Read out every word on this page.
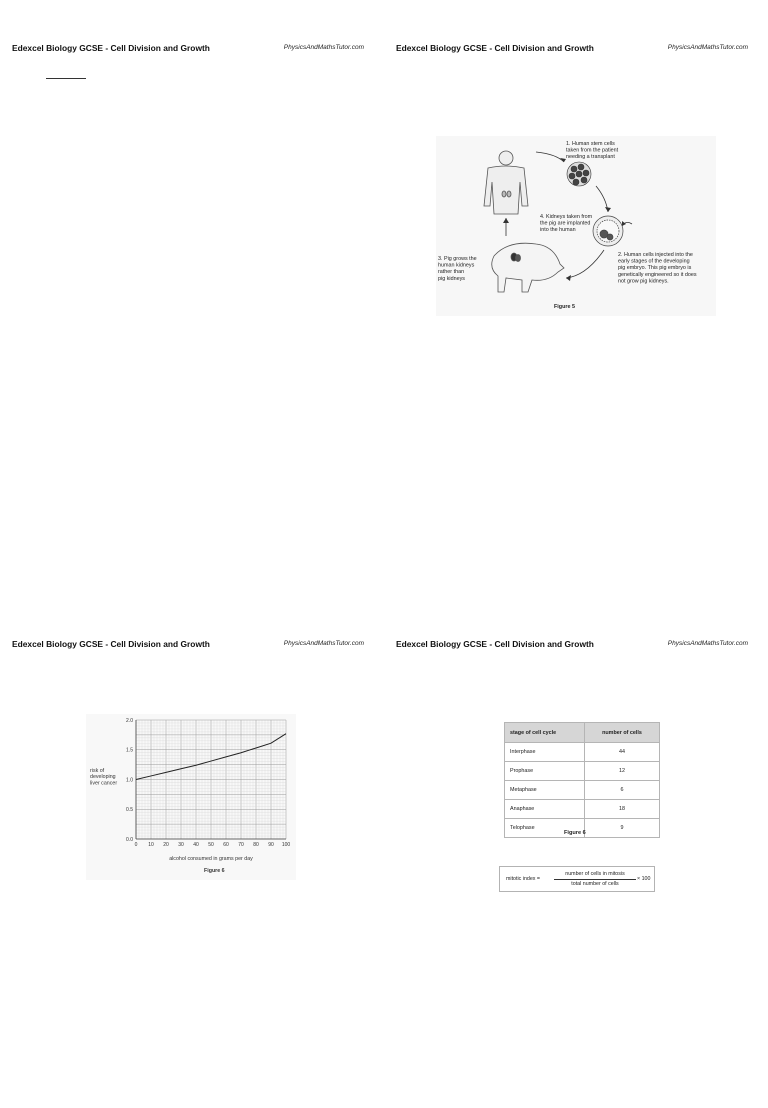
Edexcel Biology GCSE - Cell Division and Growth	PhysicsAndMathsTutor.com	Edexcel Biology GCSE - Cell Division and Growth	PhysicsAndMathsTutor.com
1. Human stem cells taken from the patient needing a transplant
2. Human cells injected into the early stages of the developing pig embryo. This pig embryo is genetically engineered so it does not grow pig kidneys.
3. Pig grows the human kidneys rather than pig kidneys
4. Kidneys taken from the pig are implanted into the human
Figure 5
Edexcel Biology GCSE - Cell Division and Growth	PhysicsAndMathsTutor.com
0.0
0.5
1.0
1.5
2.0
0 10 20 30 40 50 60 70 80 90 100
risk of developing liver cancer
alcohol consumed in grams per day
Figure 6
Edexcel Biology GCSE - Cell Division and Growth	PhysicsAndMathsTutor.com
stage of cell cycle	number of cells
Interphase	44
Prophase	12
Metaphase	6
Anaphase	18
Telophase	9
Figure 6
mitotic index =
number of cells in mitosis
total number of cells
× 100
